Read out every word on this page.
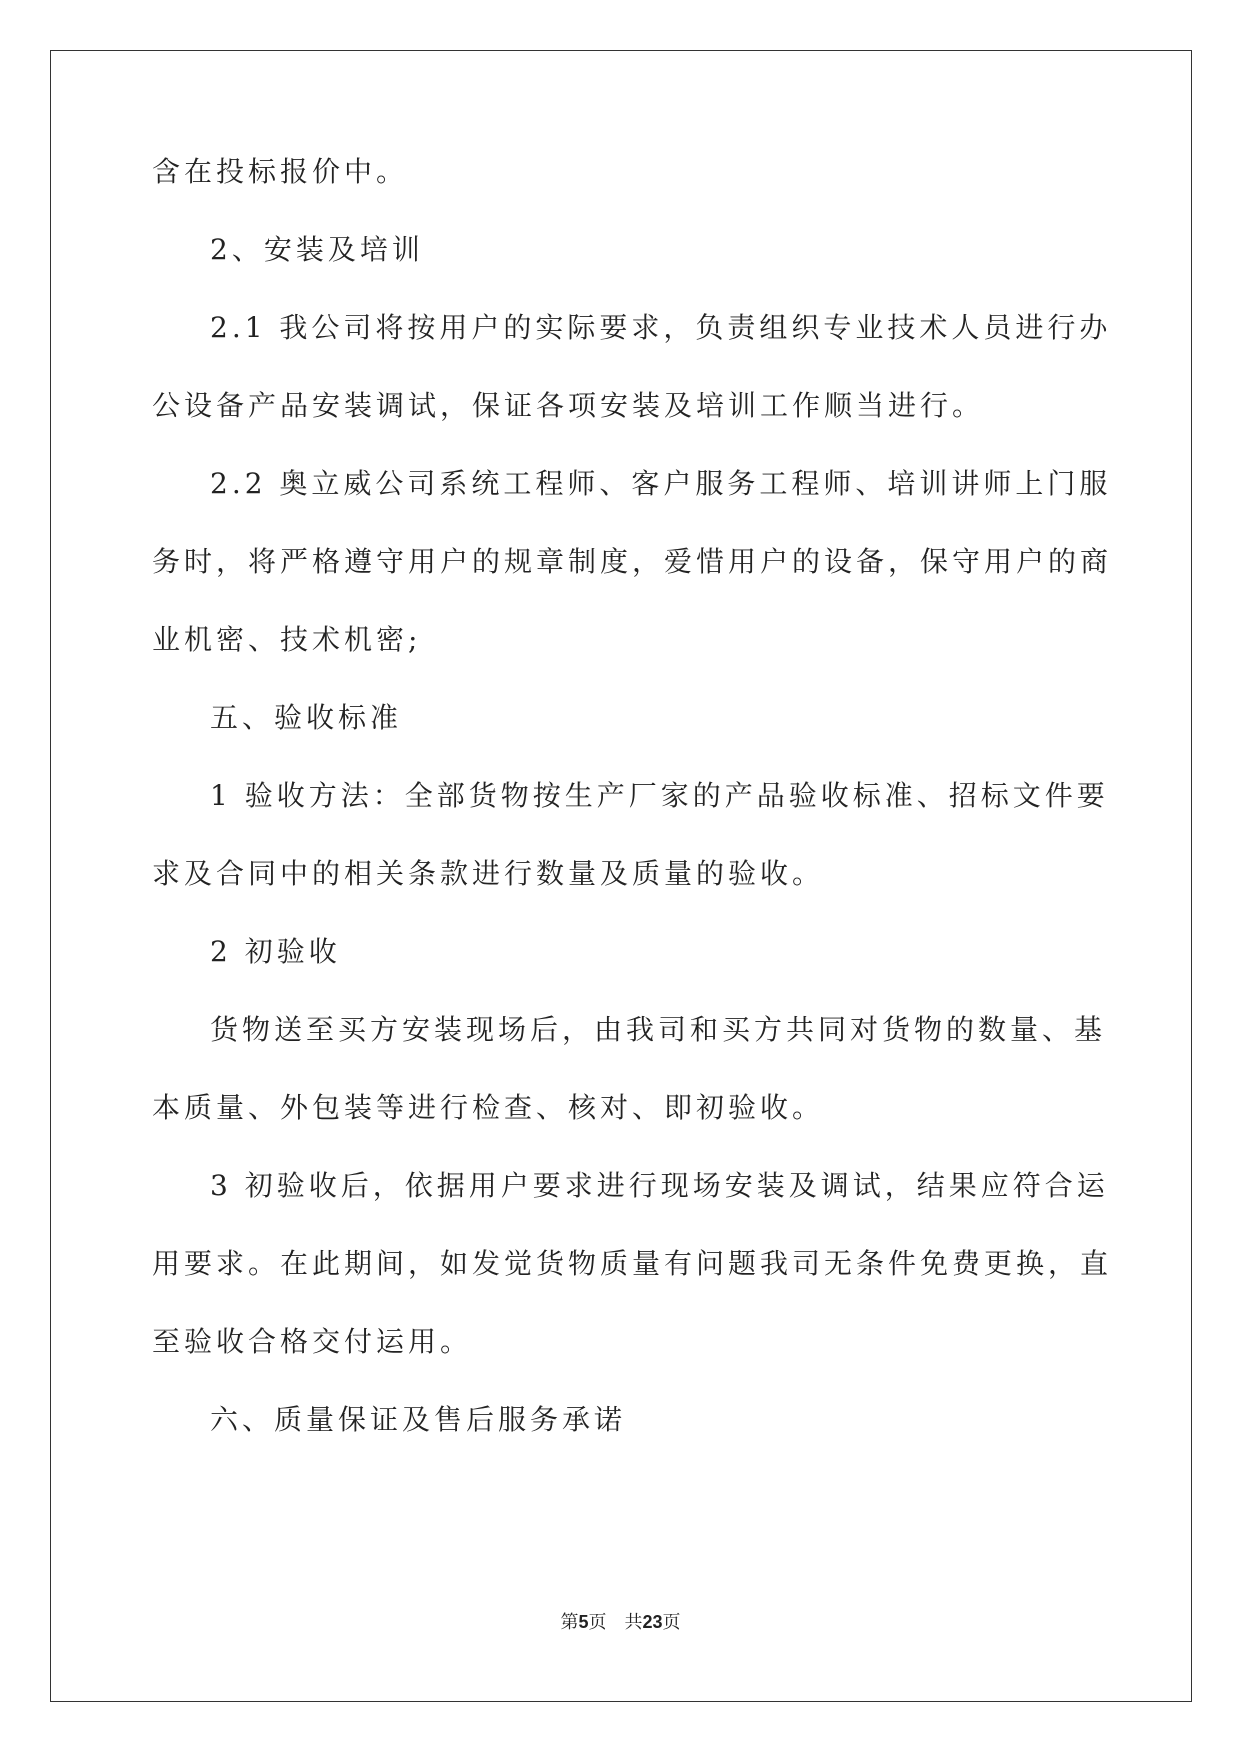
含在投标报价中。

2、安装及培训

2.1 我公司将按用户的实际要求，负责组织专业技术人员进行办
公设备产品安装调试，保证各项安装及培训工作顺当进行。

2.2 奥立威公司系统工程师、客户服务工程师、培训讲师上门服
务时，将严格遵守用户的规章制度，爱惜用户的设备，保守用户的商
业机密、技术机密;

五、验收标准

1 验收方法：全部货物按生产厂家的产品验收标准、招标文件要
求及合同中的相关条款进行数量及质量的验收。

2 初验收

货物送至买方安装现场后，由我司和买方共同对货物的数量、基
本质量、外包装等进行检查、核对、即初验收。

3 初验收后，依据用户要求进行现场安装及调试，结果应符合运
用要求。在此期间，如发觉货物质量有问题我司无条件免费更换，直
至验收合格交付运用。

六、质量保证及售后服务承诺

第5页　共23页
